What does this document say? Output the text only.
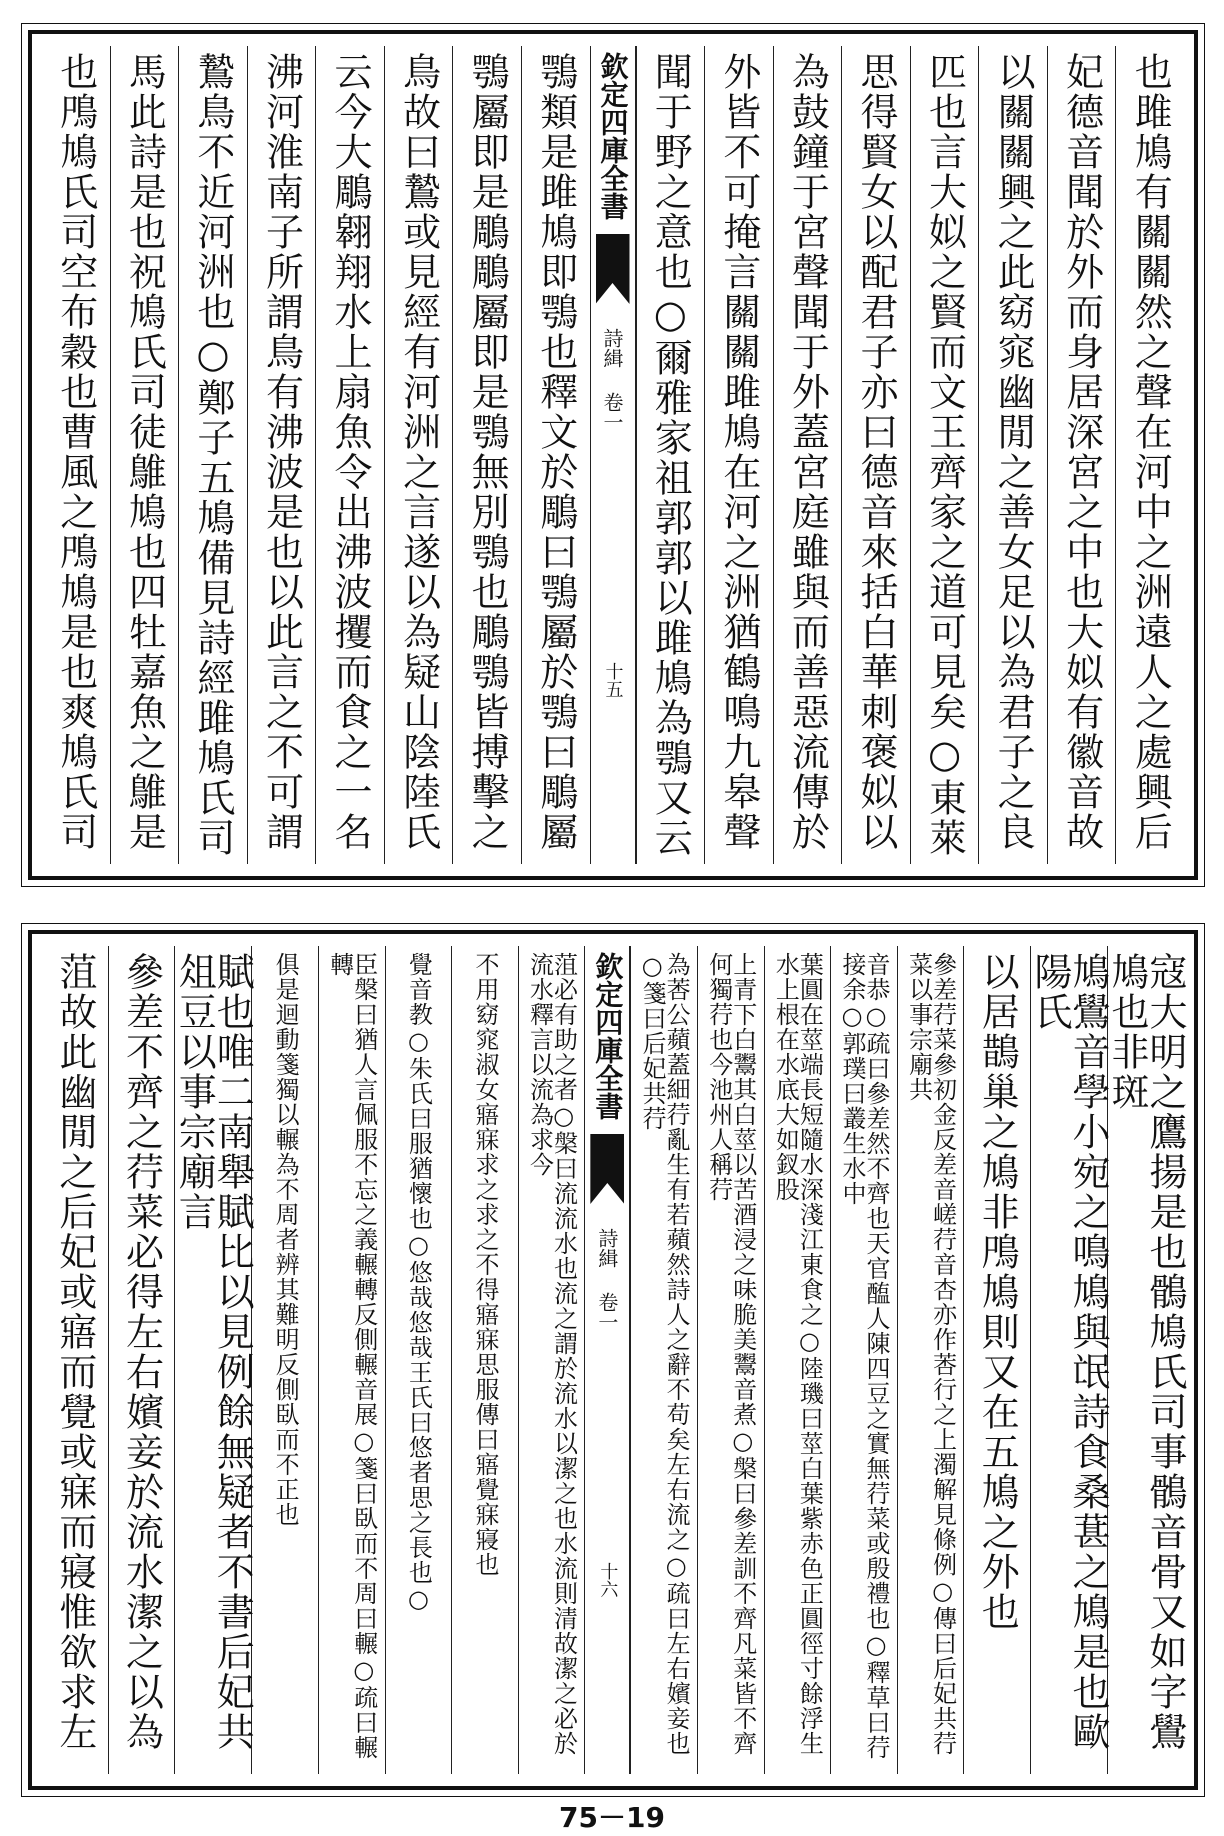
也雎鳩有關關然之聲在河中之洲遠人之處興后
妃德音聞於外而身居深宮之中也大姒有徽音故
以關關興之此窈窕幽閒之善女足以為君子之良
匹也言大姒之賢而文王齊家之道可見矣○東萊
思得賢女以配君子亦曰德音來括白華刺褒姒以
為鼓鐘于宮聲聞于外蓋宮庭雖與而善惡流傳於
外皆不可掩言關關雎鳩在河之洲猶鶴鳴九皋聲
聞于野之意也○爾雅家祖郭郭以雎鳩為鶚又云
欽定四庫全書
詩緝 卷一
十五
鶚類是雎鳩即鶚也釋文於鵰曰鶚屬於鶚曰鵰屬
鶚屬即是鵰鵰屬即是鶚無別鶚也鵰鶚皆搏擊之
鳥故曰鷙或見經有河洲之言遂以為疑山陰陸氏
云今大鵰翱翔水上扇魚令出沸波攫而食之一名
沸河淮南子所謂鳥有沸波是也以此言之不可謂
鷙鳥不近河洲也○鄭子五鳩備見詩經雎鳩氏司
馬此詩是也祝鳩氏司徒鵻鳩也四牡嘉魚之鵻是
也鳲鳩氏司空布穀也曹風之鳲鳩是也爽鳩氏司
寇大明之鷹揚是也鶻鳩氏司事鶻音骨又如字鷽鳩也非斑
鳩鷽音學小宛之鳴鳩與氓詩食桑葚之鳩是也歐陽氏
以居鵲巢之鳩非鳲鳩則又在五鳩之外也
參差荇菜參初金反差音嵯荇音杏亦作莕行之上濁解見條例○傳曰后妃共荇菜以事宗廟共
音恭○疏曰參差然不齊也天官醢人陳四豆之實無荇菜或殷禮也○釋草曰荇接余○郭璞曰叢生水中
葉圓在莖端長短隨水深淺江東食之○陸璣曰莖白葉紫赤色正圓徑寸餘浮生水上根在水底大如釵股
上青下白鬻其白莖以苦酒浸之味脆美鬻音煮○槃曰參差訓不齊凡菜皆不齊何獨荇也今池州人稱荇
為莕公蘋蓋細荇亂生有若蘋然詩人之辭不苟矣左右流之○疏曰左右嬪妾也○箋曰后妃共荇
欽定四庫全書
詩緝 卷一
十六
菹必有助之者○槃曰流流水也流之謂於流水以潔之也水流則清故潔之必於流水釋言以流為求今
不用窈窕淑女寤寐求之求之不得寤寐思服傳曰寤覺寐寢也
覺音教○朱氏曰服猶懷也○悠哉悠哉王氏曰悠者思之長也○
臣槃曰猶人言佩服不忘之義輾轉反側輾音展○箋曰臥而不周曰輾○疏曰輾轉
俱是迴動箋獨以輾為不周者辨其難明反側臥而不正也
賦也唯二南舉賦比以見例餘無疑者不書后妃共俎豆以事宗廟言
參差不齊之荇菜必得左右嬪妾於流水潔之以為
菹故此幽閒之后妃或寤而覺或寐而寢惟欲求左
75－19
